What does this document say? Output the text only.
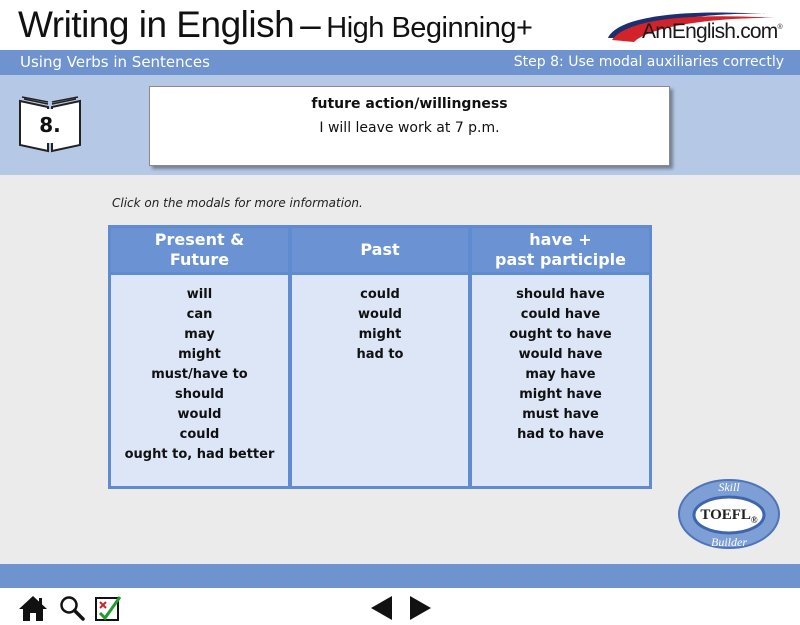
Writing in English – High Beginning+	AmEnglish.com®
Using Verbs in Sentences	Step 8: Use modal auxiliaries correctly
8.
future action/willingness
I will leave work at 7 p.m.
Click on the modals for more information.
Present &
Future
will
can
may
might
must/have to
should
would
could
ought to, had better
Past
could
would
might
had to
have +
past participle
should have
could have
ought to have
would have
may have
might have
must have
had to have
Skill
$TOEFL_®$
Builder
